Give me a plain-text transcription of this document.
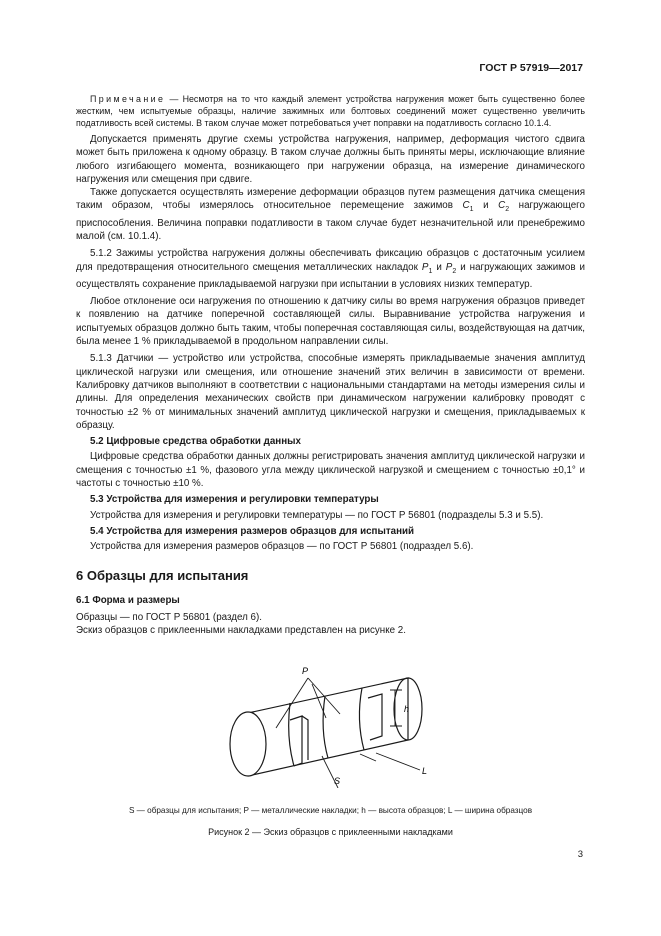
ГОСТ Р 57919—2017

Примечание — Несмотря на то что каждый элемент устройства нагружения может быть существенно более жестким, чем испытуемые образцы, наличие зажимных или болтовых соединений может существенно увеличить податливость всей системы. В таком случае может потребоваться учет поправки на податливость согласно 10.1.4.

Допускается применять другие схемы устройства нагружения, например, деформация чистого сдвига может быть приложена к одному образцу. В таком случае должны быть приняты меры, исключающие влияние любого изгибающего момента, возникающего при нагружении образца, на измерение динамического нагружения или смещения при сдвиге.

Также допускается осуществлять измерение деформации образцов путем размещения датчика смещения таким образом, чтобы измерялось относительное перемещение зажимов $C_1$ и $C_2$ нагружающего приспособления. Величина поправки податливости в таком случае будет незначительной или пренебрежимо малой (см. 10.1.4).

5.1.2 Зажимы устройства нагружения должны обеспечивать фиксацию образцов с достаточным усилием для предотвращения относительного смещения металлических накладок $P_1$ и $P_2$ и нагружающих зажимов и осуществлять сохранение прикладываемой нагрузки при испытании в условиях низких температур.

Любое отклонение оси нагружения по отношению к датчику силы во время нагружения образцов приведет к появлению на датчике поперечной составляющей силы. Выравнивание устройства нагружения и испытуемых образцов должно быть таким, чтобы поперечная составляющая силы, воздействующая на датчик, была менее 1 % прикладываемой в продольном направлении силы.

5.1.3 Датчики — устройство или устройства, способные измерять прикладываемые значения амплитуд циклической нагрузки или смещения, или отношение значений этих величин в зависимости от времени. Калибровку датчиков выполняют в соответствии с национальными стандартами на методы измерения силы и длины. Для определения механических свойств при динамическом нагружении калибровку проводят с точностью ±2 % от минимальных значений амплитуд циклической нагрузки и смещения, прикладываемых к образцу.

5.2 Цифровые средства обработки данных

Цифровые средства обработки данных должны регистрировать значения амплитуд циклической нагрузки и смещения с точностью ±1 %, фазового угла между циклической нагрузкой и смещением с точностью ±0,1° и частоты с точностью ±10 %.

5.3 Устройства для измерения и регулировки температуры

Устройства для измерения и регулировки температуры — по ГОСТ Р 56801 (подразделы 5.3 и 5.5).

5.4 Устройства для измерения размеров образцов для испытаний

Устройства для измерения размеров образцов — по ГОСТ Р 56801 (подраздел 5.6).

6 Образцы для испытания

6.1 Форма и размеры

Образцы — по ГОСТ Р 56801 (раздел 6).

Эскиз образцов с приклеенными накладками представлен на рисунке 2.

P
h
L
S
S — образцы для испытания; P — металлические накладки; h — высота образцов; L — ширина образцов
Рисунок 2 — Эскиз образцов с приклеенными накладками
3
